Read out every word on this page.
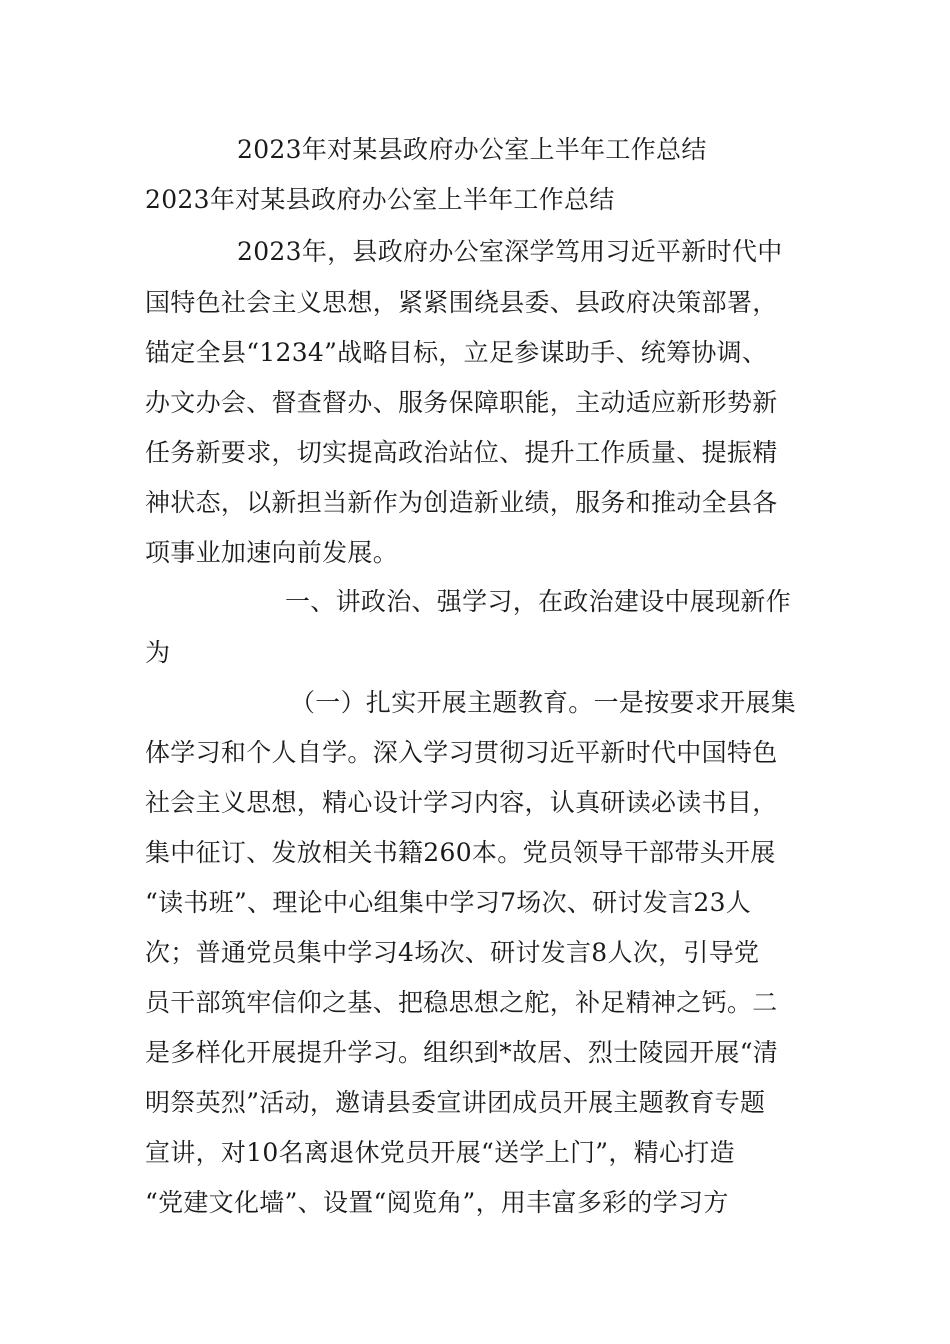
2023年对某县政府办公室上半年工作总结
2023年对某县政府办公室上半年工作总结
2023年，县政府办公室深学笃用习近平新时代中
国特色社会主义思想，紧紧围绕县委、县政府决策部署，
锚定全县“1234”战略目标，立足参谋助手、统筹协调、
办文办会、督查督办、服务保障职能，主动适应新形势新
任务新要求，切实提高政治站位、提升工作质量、提振精
神状态，以新担当新作为创造新业绩，服务和推动全县各
项事业加速向前发展。
一、讲政治、强学习，在政治建设中展现新作
为
（一）扎实开展主题教育。一是按要求开展集
体学习和个人自学。深入学习贯彻习近平新时代中国特色
社会主义思想，精心设计学习内容，认真研读必读书目，
集中征订、发放相关书籍260本。党员领导干部带头开展
“读书班”、理论中心组集中学习7场次、研讨发言23人
次；普通党员集中学习4场次、研讨发言8人次，引导党
员干部筑牢信仰之基、把稳思想之舵，补足精神之钙。二
是多样化开展提升学习。组织到*故居、烈士陵园开展“清
明祭英烈”活动，邀请县委宣讲团成员开展主题教育专题
宣讲，对10名离退休党员开展“送学上门”，精心打造
“党建文化墙”、设置“阅览角”，用丰富多彩的学习方
